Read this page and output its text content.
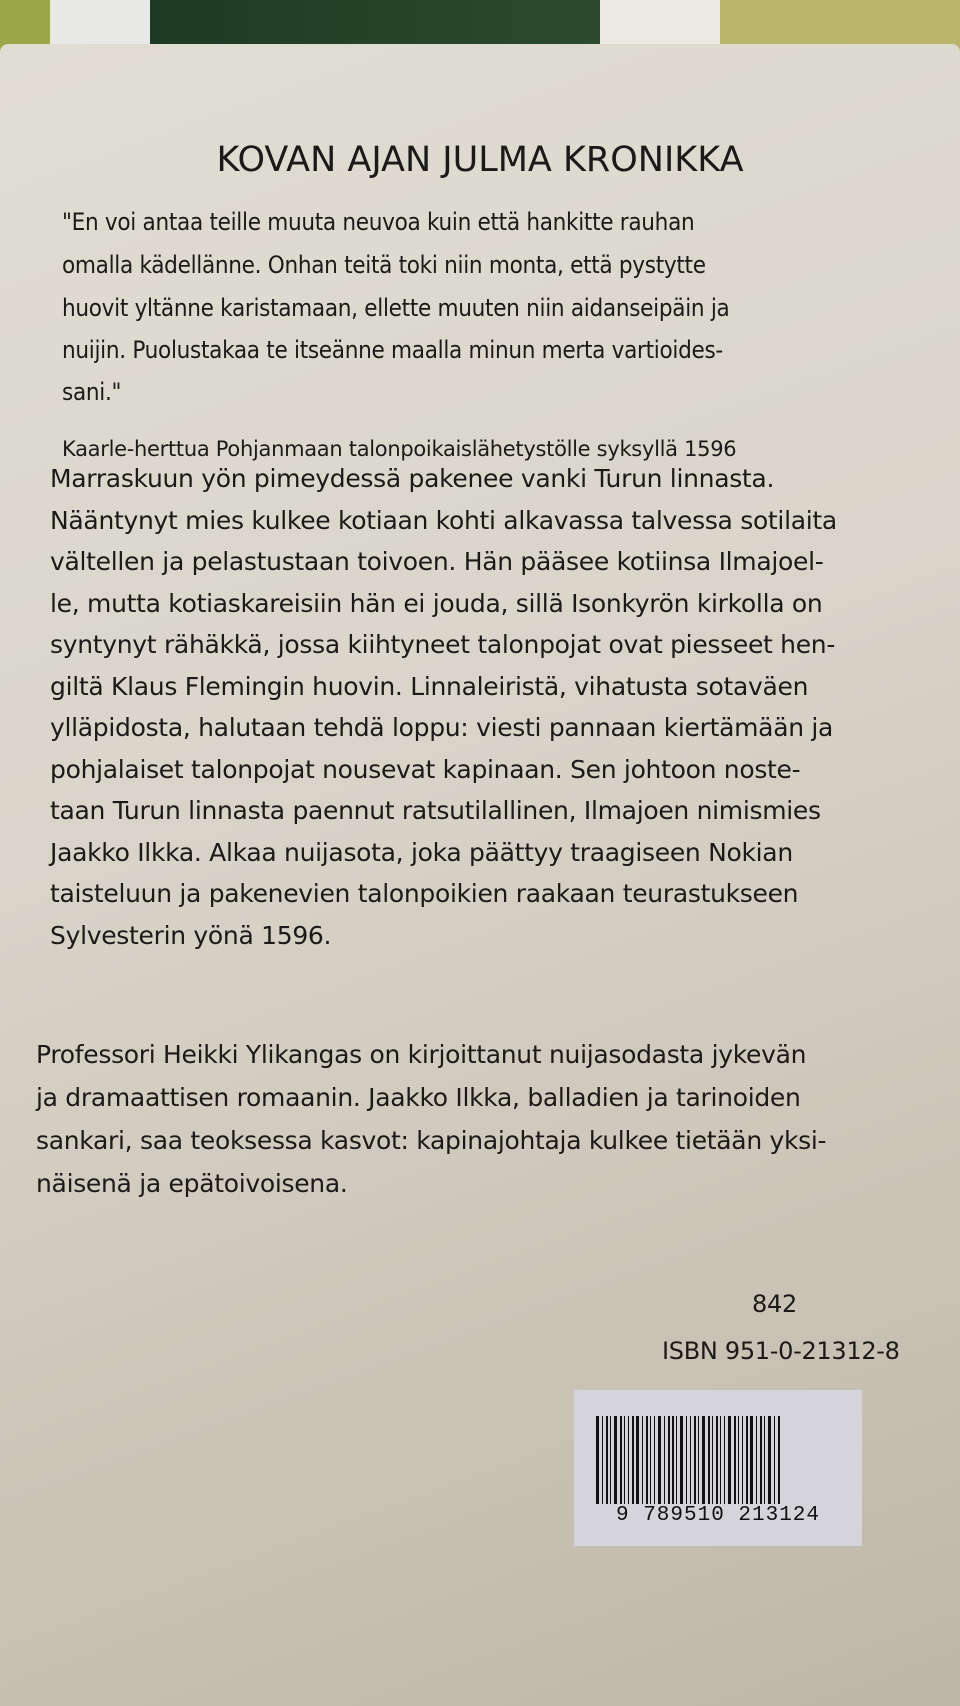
KOVAN AJAN JULMA KRONIKKA
"En voi antaa teille muuta neuvoa kuin että hankitte rauhan
omalla kädellänne. Onhan teitä toki niin monta, että pystytte
huovit yltänne karistamaan, ellette muuten niin aidanseipäin ja
nuijin. Puolustakaa te itseänne maalla minun merta vartioides-
sani."
Kaarle-herttua Pohjanmaan talonpoikaislähetystölle syksyllä 1596
Marraskuun yön pimeydessä pakenee vanki Turun linnasta.
Nääntynyt mies kulkee kotiaan kohti alkavassa talvessa sotilaita
vältellen ja pelastustaan toivoen. Hän pääsee kotiinsa Ilmajoel-
le, mutta kotiaskareisiin hän ei jouda, sillä Isonkyrön kirkolla on
syntynyt rähäkkä, jossa kiihtyneet talonpojat ovat piesseet hen-
giltä Klaus Flemingin huovin. Linnaleiristä, vihatusta sotaväen
ylläpidosta, halutaan tehdä loppu: viesti pannaan kiertämään ja
pohjalaiset talonpojat nousevat kapinaan. Sen johtoon noste-
taan Turun linnasta paennut ratsutilallinen, Ilmajoen nimismies
Jaakko Ilkka. Alkaa nuijasota, joka päättyy traagiseen Nokian
taisteluun ja pakenevien talonpoikien raakaan teurastukseen
Sylvesterin yönä 1596.
Professori Heikki Ylikangas on kirjoittanut nuijasodasta jykevän
ja dramaattisen romaanin. Jaakko Ilkka, balladien ja tarinoiden
sankari, saa teoksessa kasvot: kapinajohtaja kulkee tietään yksi-
näisenä ja epätoivoisena.
842
ISBN 951-0-21312-8
9 789510 213124
